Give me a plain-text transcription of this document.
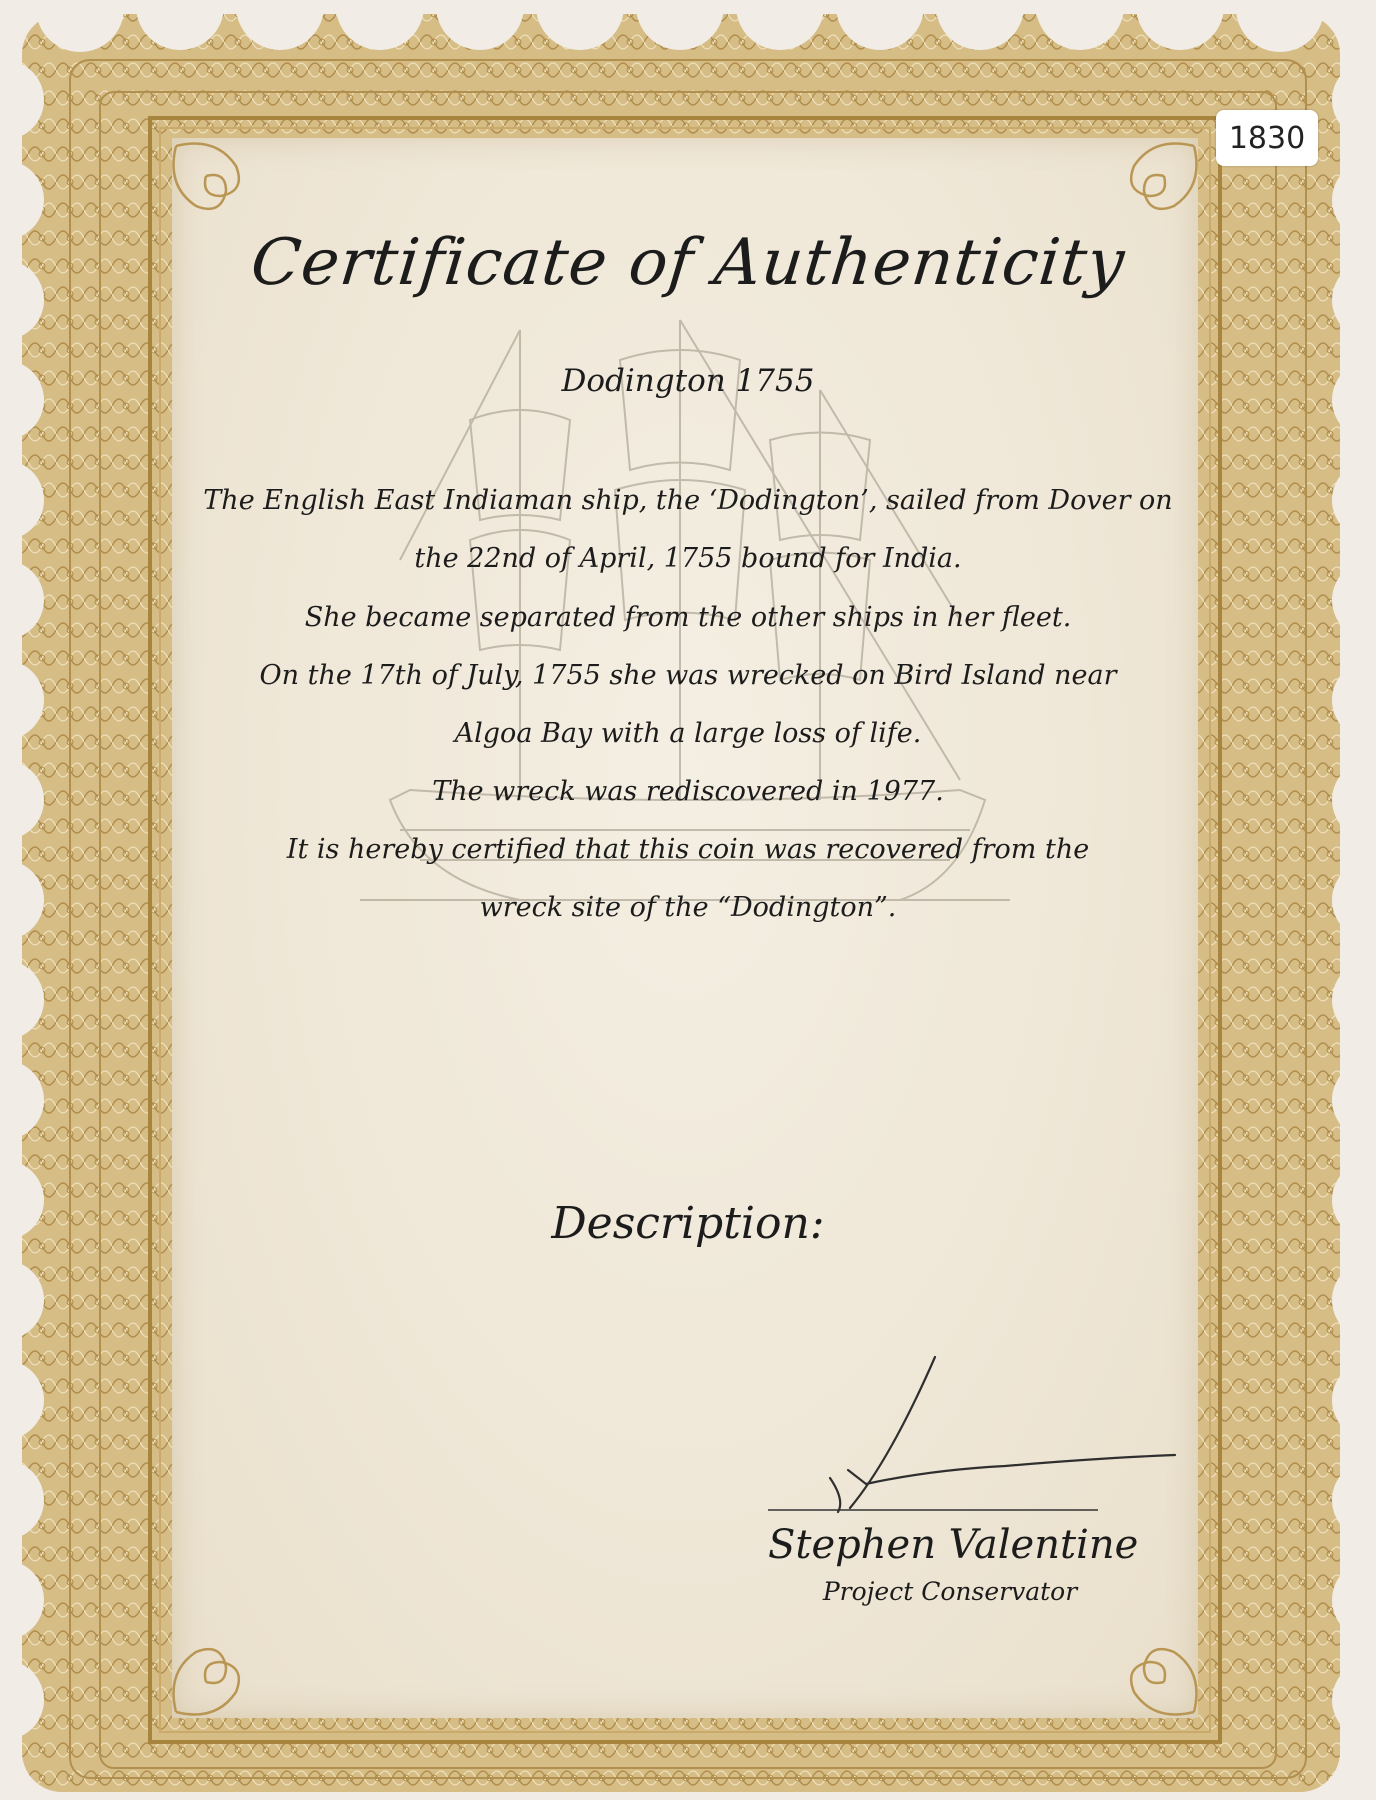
1830
Certificate of Authenticity
Dodington 1755
The English East Indiaman ship, the ‘Dodington’, sailed from Dover on
the 22nd of April, 1755 bound for India.
She became separated from the other ships in her fleet.
On the 17th of July, 1755 she was wrecked on Bird Island near
Algoa Bay with a large loss of life.
The wreck was rediscovered in 1977.
It is hereby certified that this coin was recovered from the
wreck site of the “Dodington”.
Description:
Stephen Valentine
Project Conservator
